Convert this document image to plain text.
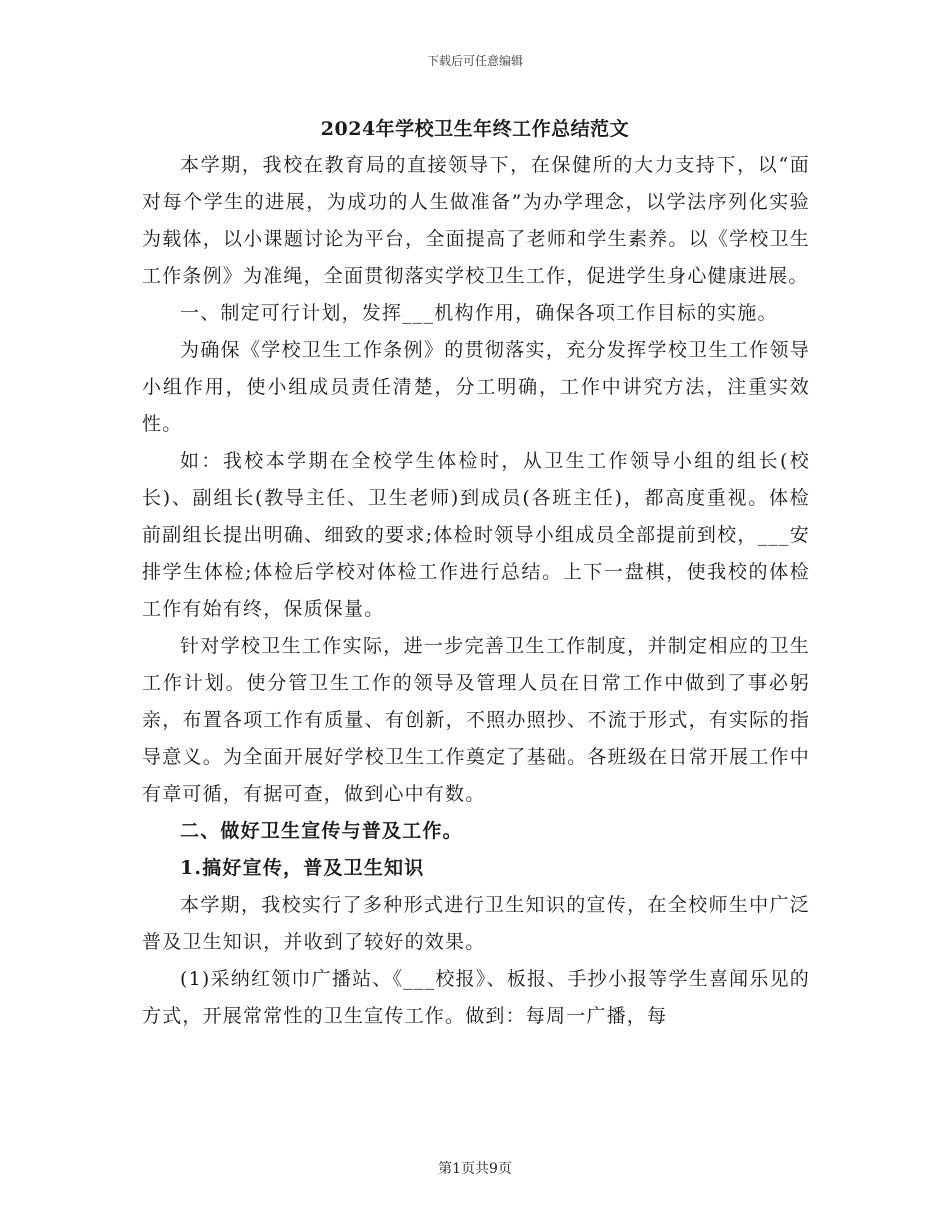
下载后可任意编辑
2024年学校卫生年终工作总结范文

本学期，我校在教育局的直接领导下，在保健所的大力支持下，以“面对每个学生的进展，为成功的人生做准备”为办学理念，以学法序列化实验为载体，以小课题讨论为平台，全面提高了老师和学生素养。以《学校卫生工作条例》为准绳，全面贯彻落实学校卫生工作，促进学生身心健康进展。

一、制定可行计划，发挥___机构作用，确保各项工作目标的实施。

为确保《学校卫生工作条例》的贯彻落实，充分发挥学校卫生工作领导小组作用，使小组成员责任清楚，分工明确，工作中讲究方法，注重实效性。

如：我校本学期在全校学生体检时，从卫生工作领导小组的组长(校长)、副组长(教导主任、卫生老师)到成员(各班主任)，都高度重视。体检前副组长提出明确、细致的要求;体检时领导小组成员全部提前到校，___安排学生体检;体检后学校对体检工作进行总结。上下一盘棋，使我校的体检工作有始有终，保质保量。

针对学校卫生工作实际，进一步完善卫生工作制度，并制定相应的卫生工作计划。使分管卫生工作的领导及管理人员在日常工作中做到了事必躬亲，布置各项工作有质量、有创新，不照办照抄、不流于形式，有实际的指导意义。为全面开展好学校卫生工作奠定了基础。各班级在日常开展工作中有章可循，有据可查，做到心中有数。

二、做好卫生宣传与普及工作。

1.搞好宣传，普及卫生知识

本学期，我校实行了多种形式进行卫生知识的宣传，在全校师生中广泛普及卫生知识，并收到了较好的效果。

(1)采纳红领巾广播站、《___校报》、板报、手抄小报等学生喜闻乐见的方式，开展常常性的卫生宣传工作。做到：每周一广播，每

第1页共9页
